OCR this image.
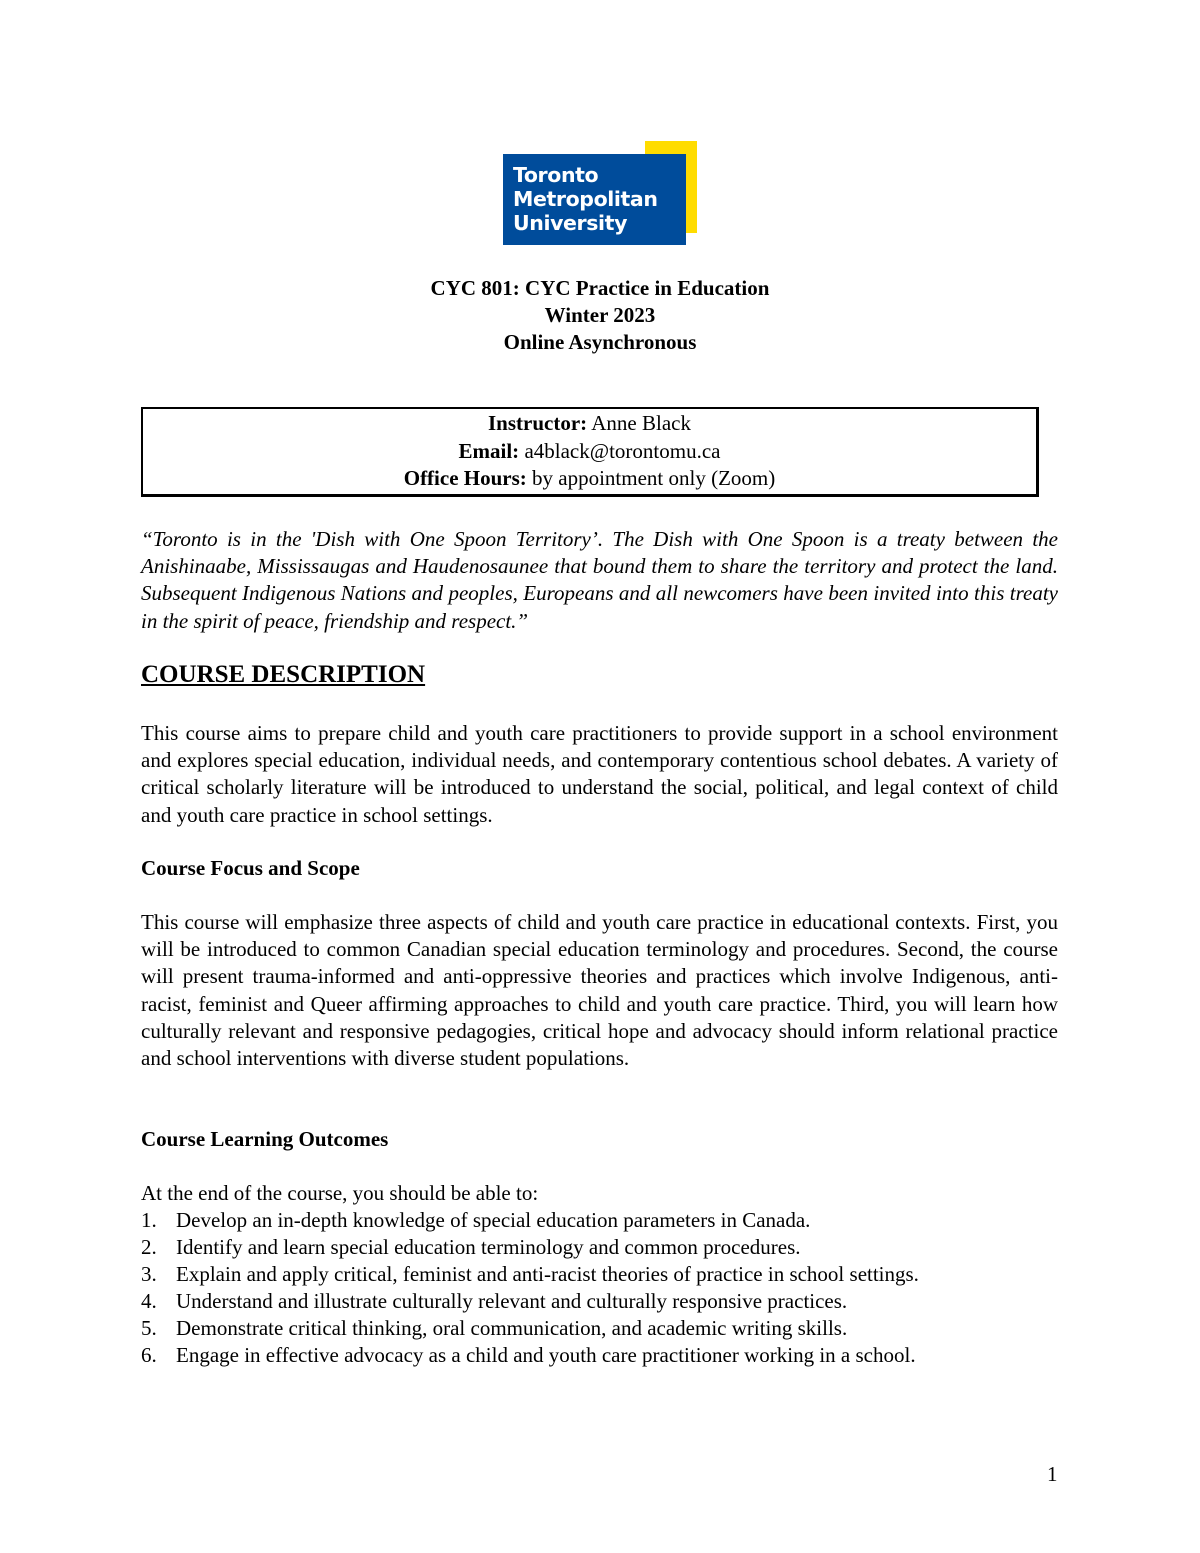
Toronto
Metropolitan
University

CYC 801: CYC Practice in Education
Winter 2023
Online Asynchronous
Instructor: Anne Black
Email: a4black@torontomu.ca
Office Hours: by appointment only (Zoom)
“Toronto is in the 'Dish with One Spoon Territory’. The Dish with One Spoon is a treaty between the Anishinaabe, Mississaugas and Haudenosaunee that bound them to share the territory and protect the land. Subsequent Indigenous Nations and peoples, Europeans and all newcomers have been invited into this treaty in the spirit of peace, friendship and respect.”
COURSE DESCRIPTION
This course aims to prepare child and youth care practitioners to provide support in a school environment and explores special education, individual needs, and contemporary contentious school debates. A variety of critical scholarly literature will be introduced to understand the social, political, and legal context of child and youth care practice in school settings.
Course Focus and Scope
This course will emphasize three aspects of child and youth care practice in educational contexts. First, you will be introduced to common Canadian special education terminology and procedures. Second, the course will present trauma-informed and anti-oppressive theories and practices which involve Indigenous, anti-racist, feminist and Queer affirming approaches to child and youth care practice. Third, you will learn how culturally relevant and responsive pedagogies, critical hope and advocacy should inform relational practice and school interventions with diverse student populations.
Course Learning Outcomes
At the end of the course, you should be able to:
1. Develop an in-depth knowledge of special education parameters in Canada.
2. Identify and learn special education terminology and common procedures.
3. Explain and apply critical, feminist and anti-racist theories of practice in school settings.
4. Understand and illustrate culturally relevant and culturally responsive practices.
5. Demonstrate critical thinking, oral communication, and academic writing skills.
6. Engage in effective advocacy as a child and youth care practitioner working in a school.
1
